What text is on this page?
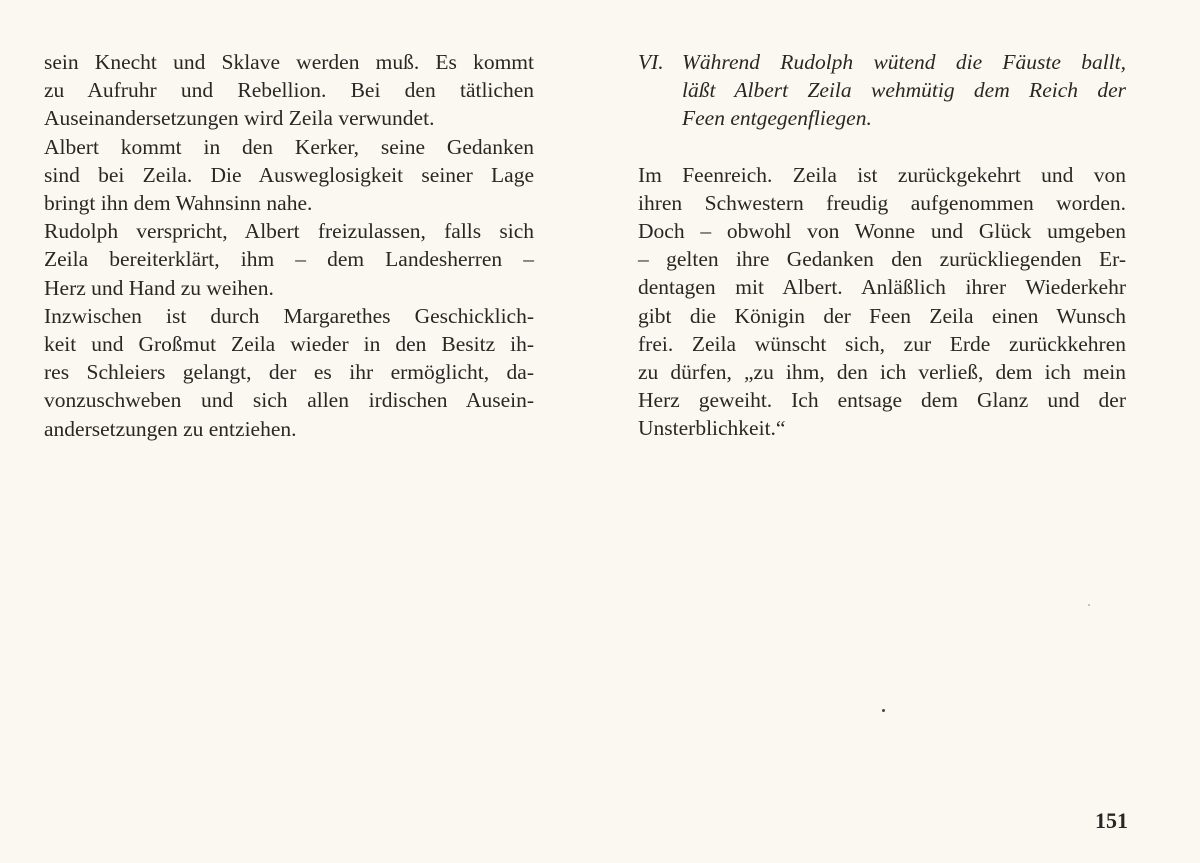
sein Knecht und Sklave werden muß. Es kommt
zu Aufruhr und Rebellion. Bei den tätlichen
Auseinandersetzungen wird Zeila verwundet.
Albert kommt in den Kerker, seine Gedanken
sind bei Zeila. Die Ausweglosigkeit seiner Lage
bringt ihn dem Wahnsinn nahe.
Rudolph verspricht, Albert freizulassen, falls sich
Zeila bereiterklärt, ihm – dem Landesherren –
Herz und Hand zu weihen.
Inzwischen ist durch Margarethes Geschicklich-
keit und Großmut Zeila wieder in den Besitz ih-
res Schleiers gelangt, der es ihr ermöglicht, da-
vonzuschweben und sich allen irdischen Ausein-
andersetzungen zu entziehen.
VI. Während Rudolph wütend die Fäuste ballt,
läßt Albert Zeila wehmütig dem Reich der
Feen entgegenfliegen.
Im Feenreich. Zeila ist zurückgekehrt und von
ihren Schwestern freudig aufgenommen worden.
Doch – obwohl von Wonne und Glück umgeben
– gelten ihre Gedanken den zurückliegenden Er-
dentagen mit Albert. Anläßlich ihrer Wiederkehr
gibt die Königin der Feen Zeila einen Wunsch
frei. Zeila wünscht sich, zur Erde zurückkehren
zu dürfen, „zu ihm, den ich verließ, dem ich mein
Herz geweiht. Ich entsage dem Glanz und der
Unsterblichkeit.“
151
